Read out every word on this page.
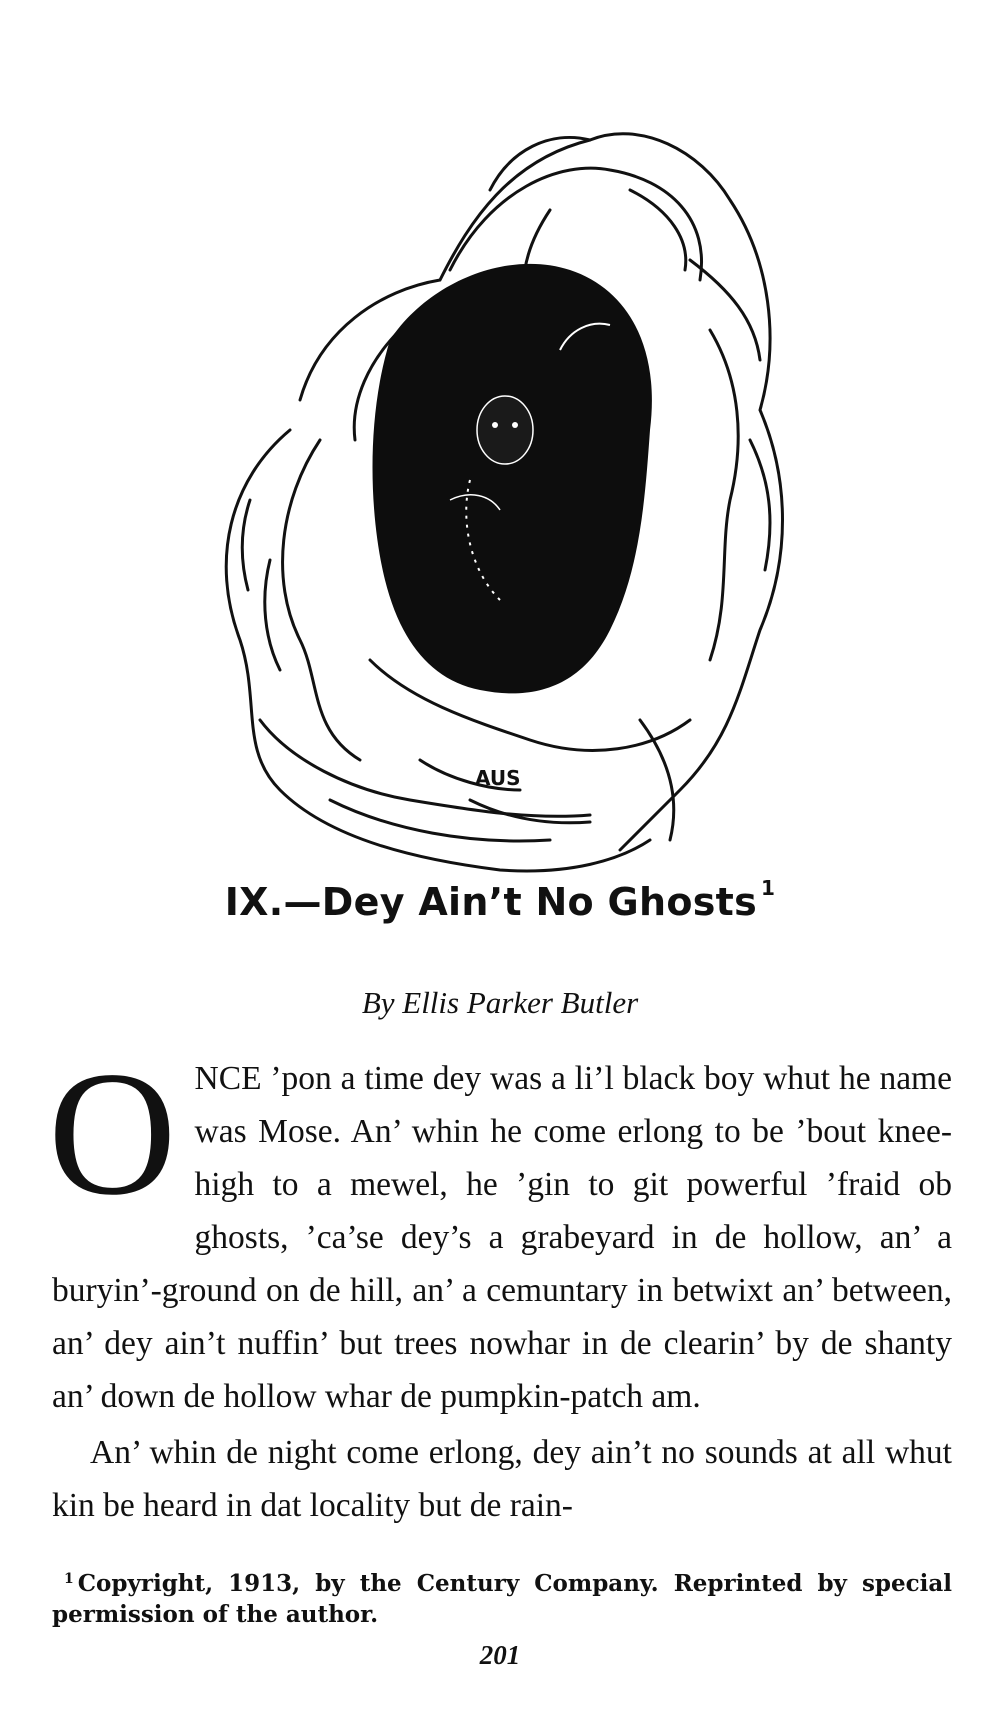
AUS
IX.—Dey Ain’t No Ghosts $^1$
By Ellis Parker Butler

ONCE ’pon a time dey was a li’l black boy whut he name was Mose. An’ whin he come erlong to be ’bout knee-high to a mewel, he ’gin to git powerful ’fraid ob ghosts, ’ca’se dey’s a grabeyard in de hollow, an’ a buryin’-ground on de hill, an’ a cemuntary in betwixt an’ between, an’ dey ain’t nuffin’ but trees nowhar in de clearin’ by de shanty an’ down de hollow whar de pumpkin-patch am.

An’ whin de night come erlong, dey ain’t no sounds at all whut kin be heard in dat locality but de rain-

$^1$ Copyright, 1913, by the Century Company. Reprinted by special permission of the author.
201
